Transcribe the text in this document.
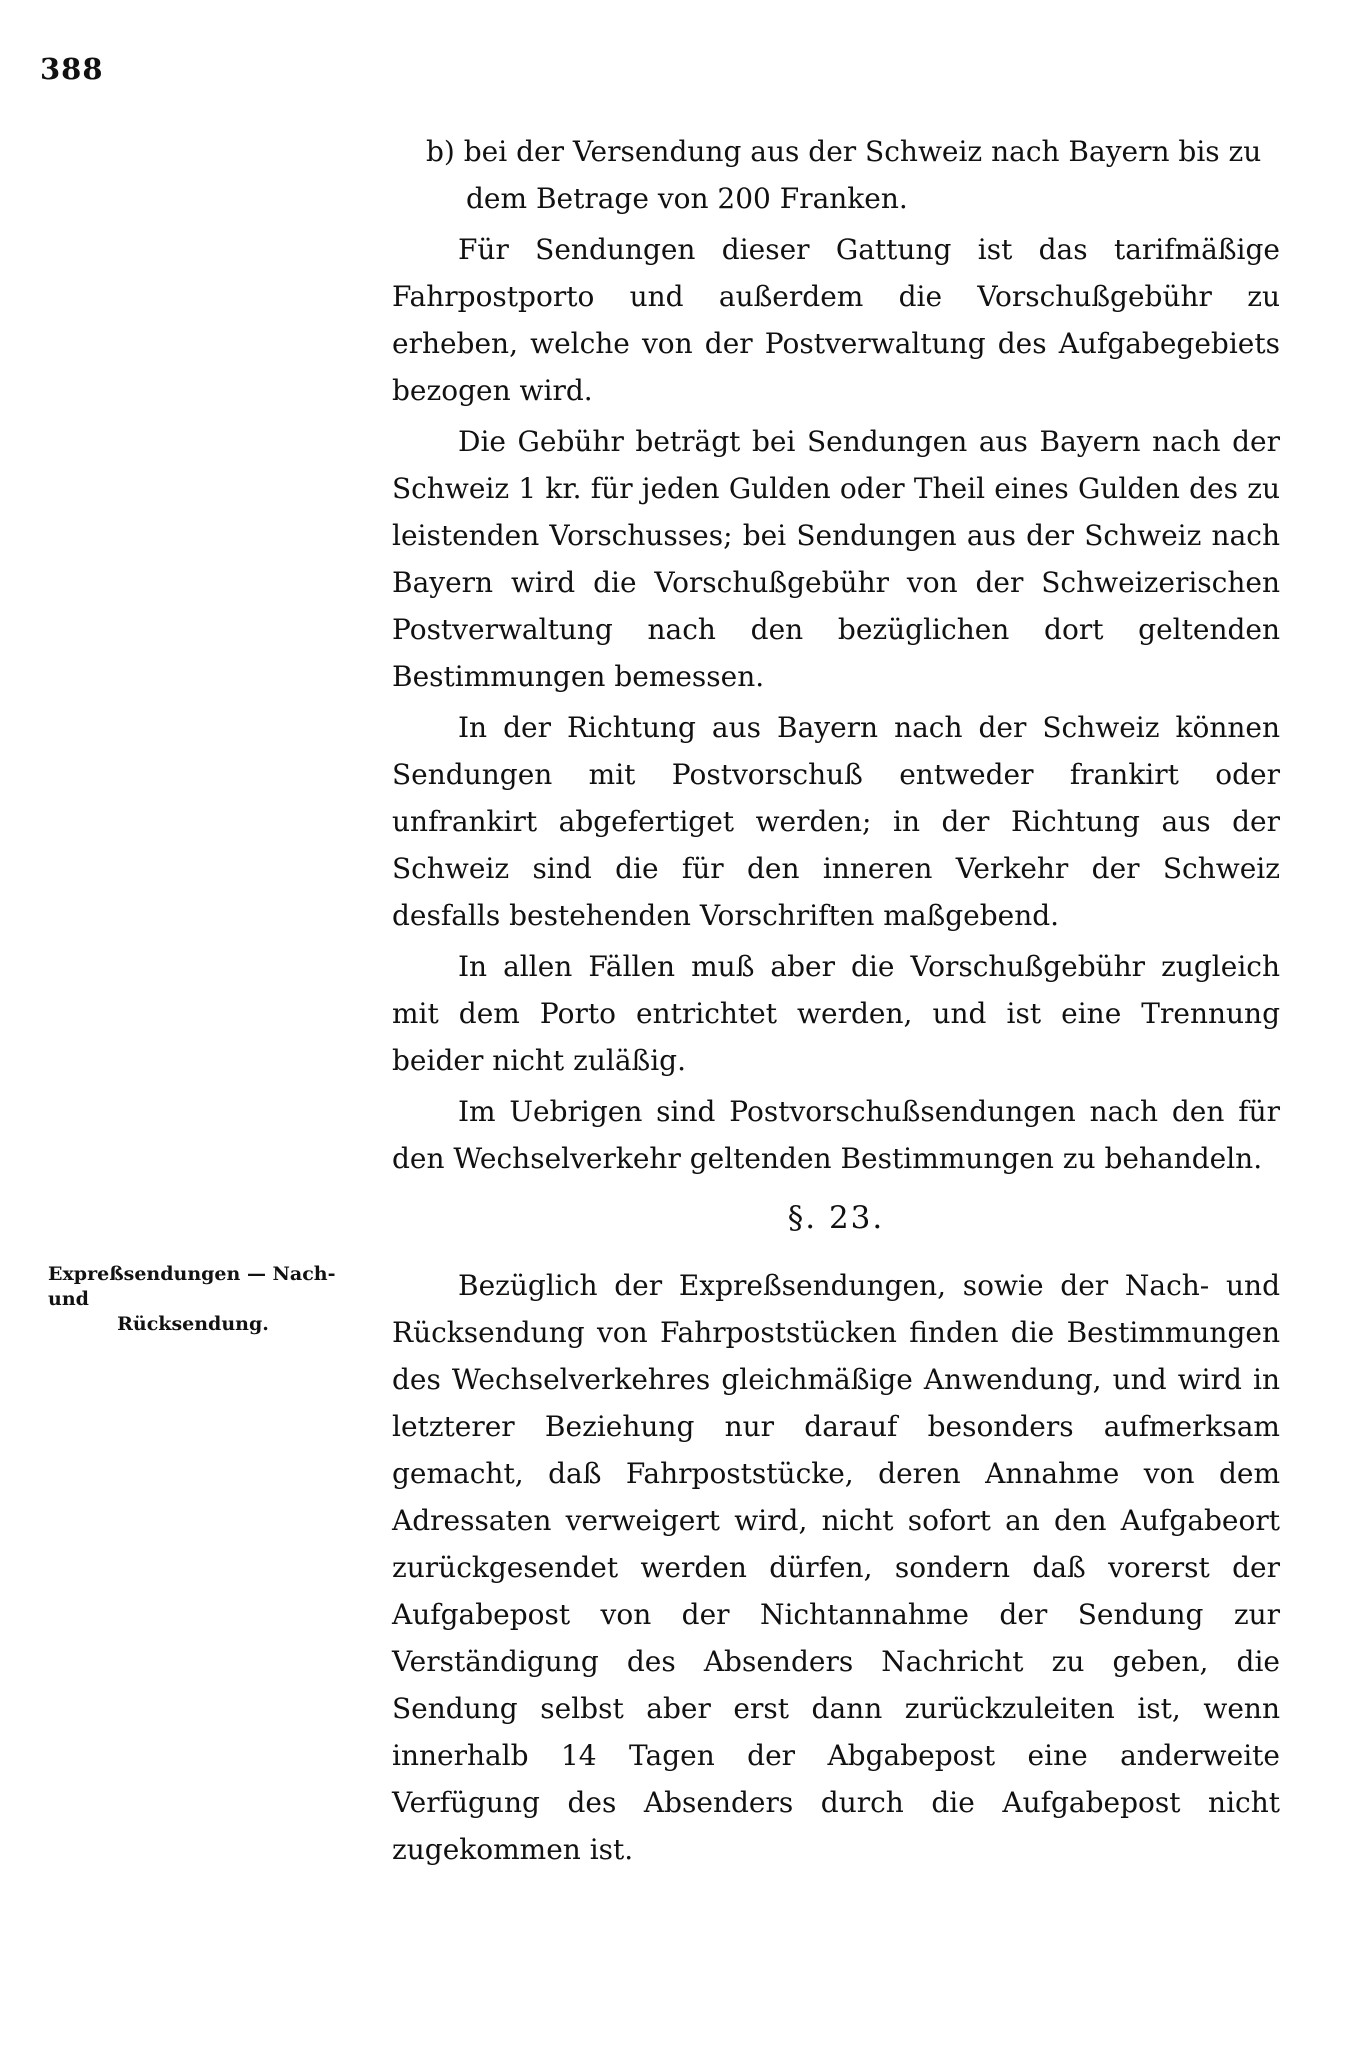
388

b) bei der Versendung aus der Schweiz nach Bayern bis zu dem Betrage von 200 Franken.

Für Sendungen dieser Gattung ist das tarifmäßige Fahrpostporto und außerdem die Vorschußgebühr zu erheben, welche von der Postverwaltung des Aufgabegebiets bezogen wird.

Die Gebühr beträgt bei Sendungen aus Bayern nach der Schweiz 1 kr. für jeden Gulden oder Theil eines Gulden des zu leistenden Vorschusses; bei Sendungen aus der Schweiz nach Bayern wird die Vorschußgebühr von der Schweizerischen Postverwaltung nach den bezüglichen dort geltenden Bestimmungen bemessen.

In der Richtung aus Bayern nach der Schweiz können Sendungen mit Postvorschuß entweder frankirt oder unfrankirt abgefertiget werden; in der Richtung aus der Schweiz sind die für den inneren Verkehr der Schweiz desfalls bestehenden Vorschriften maßgebend.

In allen Fällen muß aber die Vorschußgebühr zugleich mit dem Porto entrichtet werden, und ist eine Trennung beider nicht zuläßig.

Im Uebrigen sind Postvorschußsendungen nach den für den Wechselverkehr geltenden Bestimmungen zu behandeln.

§. 23.
Expreßsendungen — Nach- und
Rücksendung.

Bezüglich der Expreßsendungen, sowie der Nach- und Rücksendung von Fahrpoststücken finden die Bestimmungen des Wechselverkehres gleichmäßige Anwendung, und wird in letzterer Beziehung nur darauf besonders aufmerksam gemacht, daß Fahrpoststücke, deren Annahme von dem Adressaten verweigert wird, nicht sofort an den Aufgabeort zurückgesendet werden dürfen, sondern daß vorerst der Aufgabepost von der Nichtannahme der Sendung zur Verständigung des Absenders Nachricht zu geben, die Sendung selbst aber erst dann zurückzuleiten ist, wenn innerhalb 14 Tagen der Abgabepost eine anderweite Verfügung des Absenders durch die Aufgabepost nicht zugekommen ist.
